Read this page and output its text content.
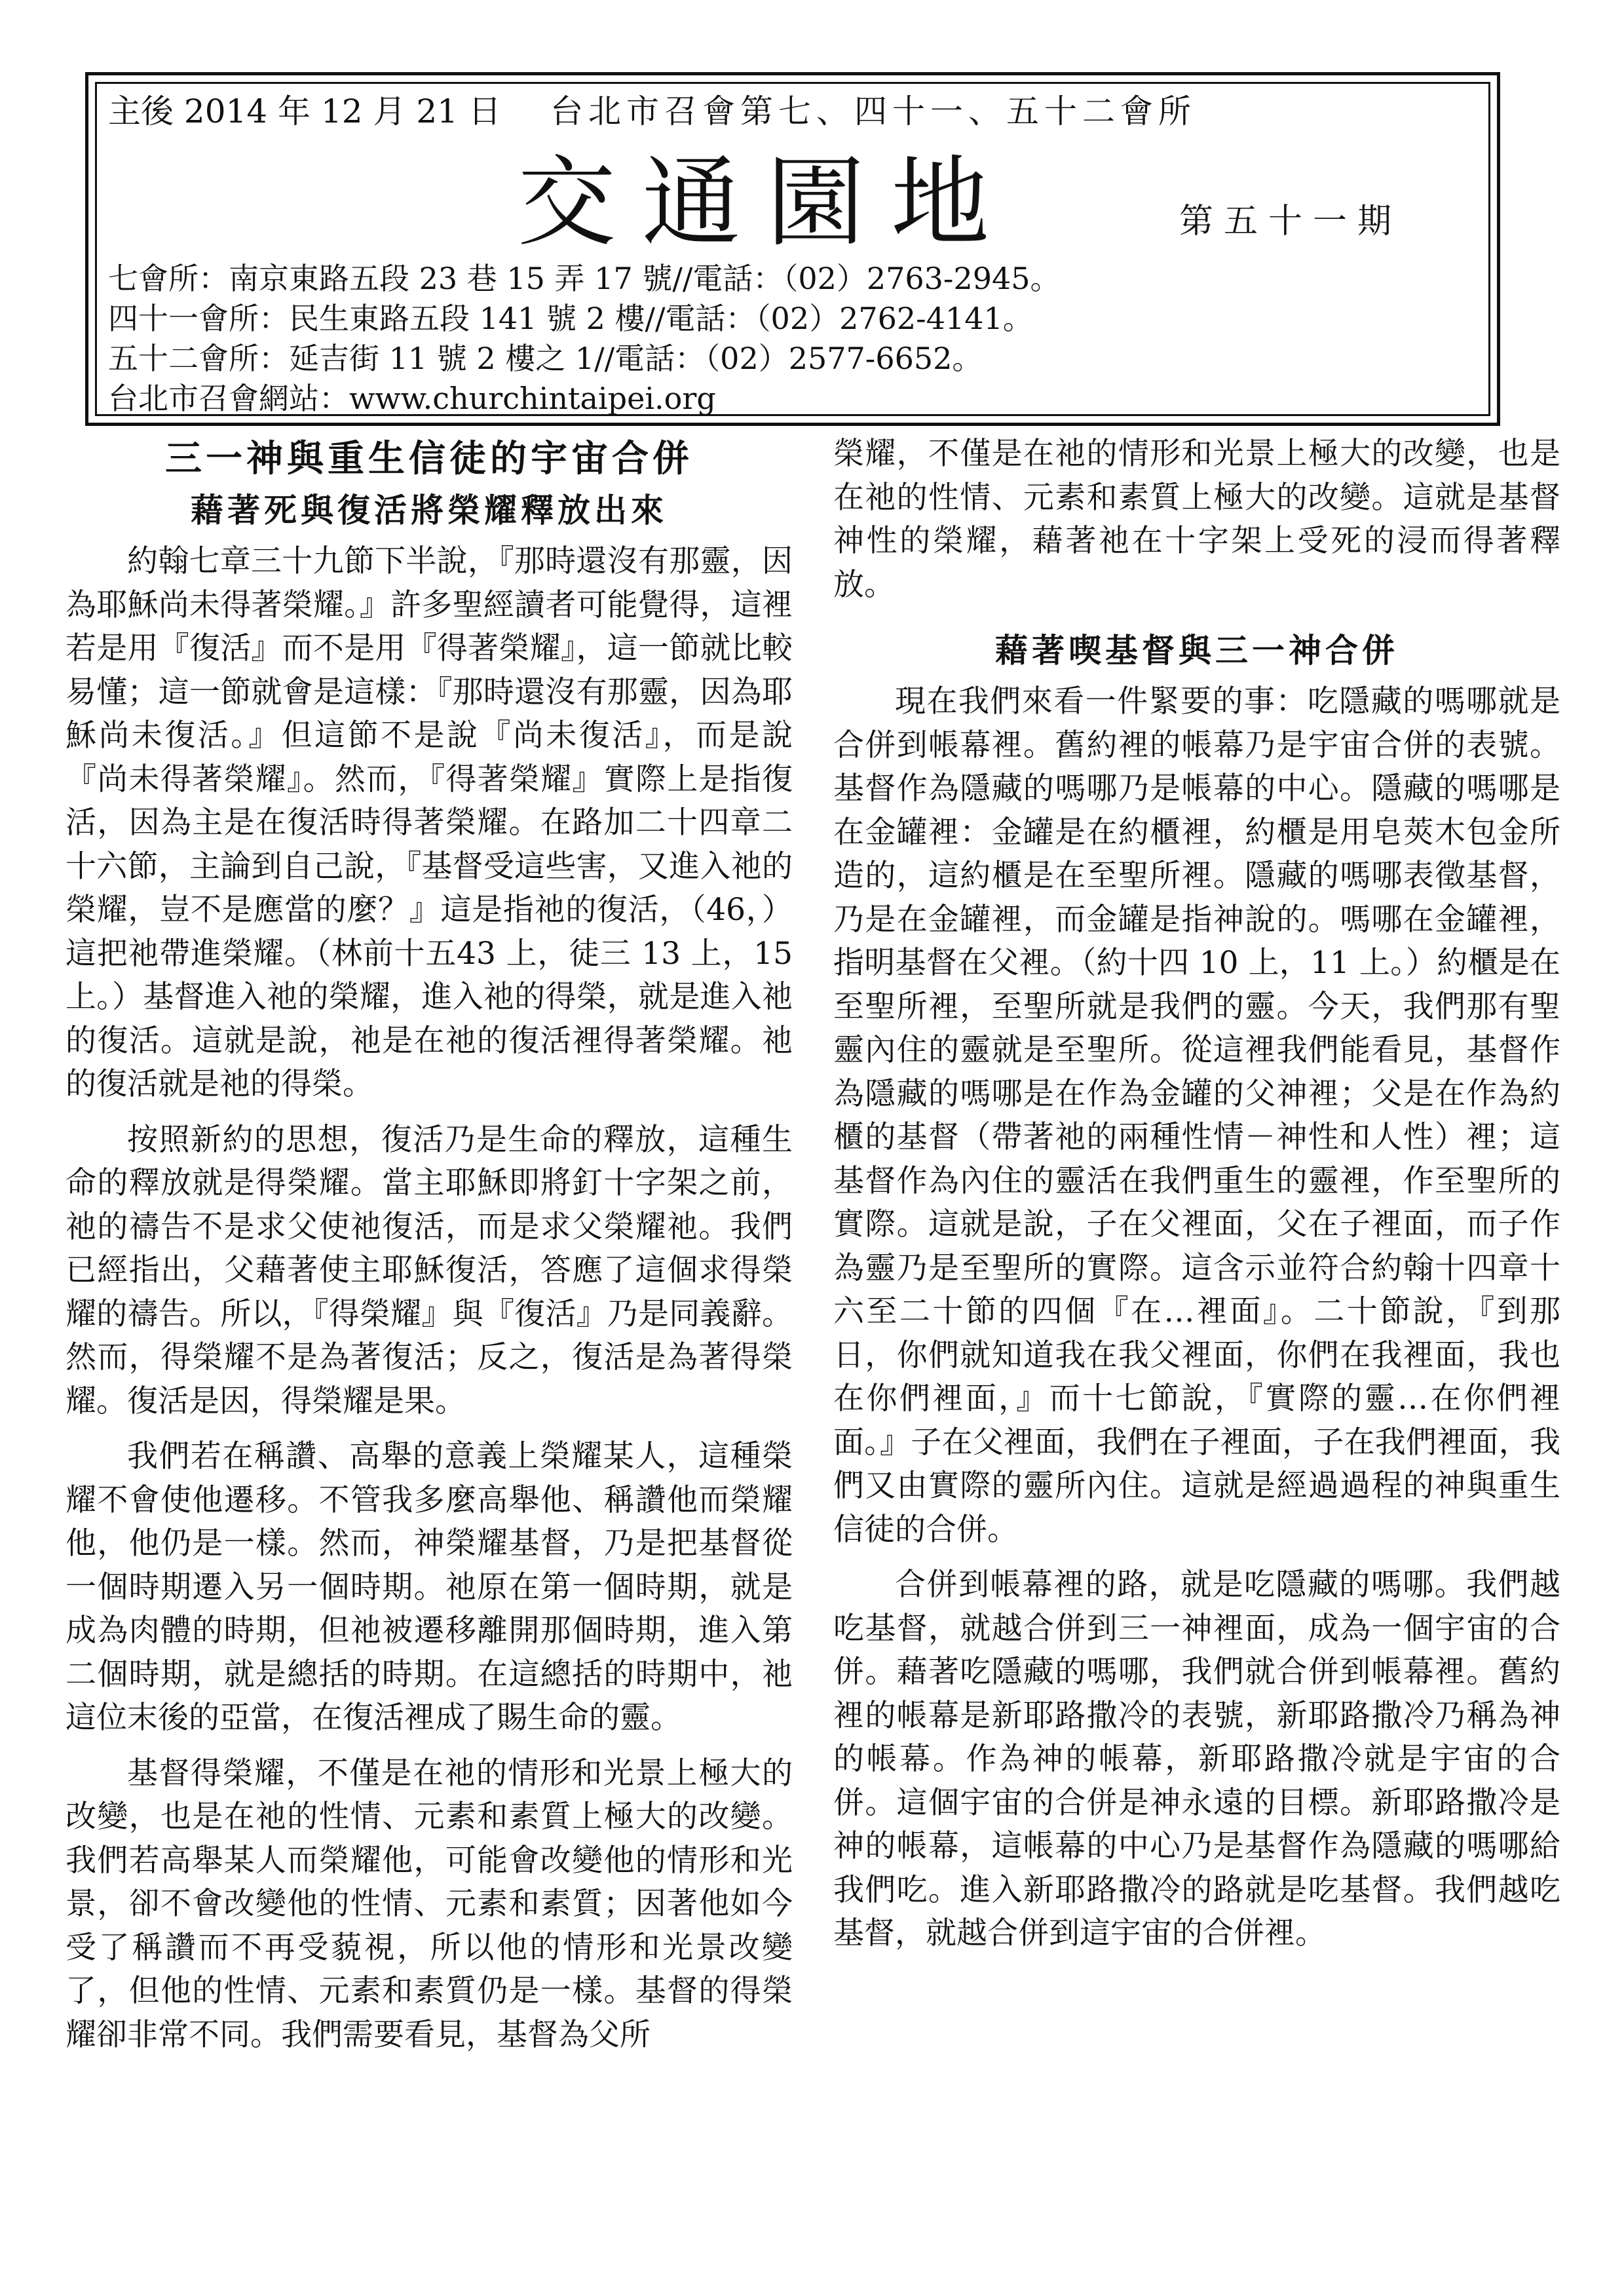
主後 2014 年 12 月 21 日 台北市召會第七、四十一、五十二會所
交通園地	第五十一期
七會所：南京東路五段 23 巷 15 弄 17 號//電話：（02）2763-2945。
四十一會所：民生東路五段 141 號 2 樓//電話：（02）2762-4141。
五十二會所：延吉街 11 號 2 樓之 1//電話：（02）2577-6652。
台北市召會網站：www.churchintaipei.org
三一神與重生信徒的宇宙合併
藉著死與復活將榮耀釋放出來

約翰七章三十九節下半說，『那時還沒有那靈，因為耶穌尚未得著榮耀。』許多聖經讀者可能覺得，這裡若是用『復活』而不是用『得著榮耀』，這一節就比較易懂；這一節就會是這樣：『那時還沒有那靈，因為耶穌尚未復活。』但這節不是說『尚未復活』，而是說『尚未得著榮耀』。然而，『得著榮耀』實際上是指復活，因為主是在復活時得著榮耀。在路加二十四章二十六節，主論到自己說，『基督受這些害，又進入祂的榮耀，豈不是應當的麼？』這是指祂的復活，（46，）這把祂帶進榮耀。（林前十五43 上，徒三 13 上，15 上。）基督進入祂的榮耀，進入祂的得榮，就是進入祂的復活。這就是說，祂是在祂的復活裡得著榮耀。祂的復活就是祂的得榮。

按照新約的思想，復活乃是生命的釋放，這種生命的釋放就是得榮耀。當主耶穌即將釘十字架之前，祂的禱告不是求父使祂復活，而是求父榮耀祂。我們已經指出，父藉著使主耶穌復活，答應了這個求得榮耀的禱告。所以，『得榮耀』與『復活』乃是同義辭。然而，得榮耀不是為著復活；反之，復活是為著得榮耀。復活是因，得榮耀是果。

我們若在稱讚、高舉的意義上榮耀某人，這種榮耀不會使他遷移。不管我多麼高舉他、稱讚他而榮耀他，他仍是一樣。然而，神榮耀基督，乃是把基督從一個時期遷入另一個時期。祂原在第一個時期，就是成為肉體的時期，但祂被遷移離開那個時期，進入第二個時期，就是總括的時期。在這總括的時期中，祂這位末後的亞當，在復活裡成了賜生命的靈。

基督得榮耀，不僅是在祂的情形和光景上極大的改變，也是在祂的性情、元素和素質上極大的改變。我們若高舉某人而榮耀他，可能會改變他的情形和光景，卻不會改變他的性情、元素和素質；因著他如今受了稱讚而不再受藐視，所以他的情形和光景改變了，但他的性情、元素和素質仍是一樣。基督的得榮耀卻非常不同。我們需要看見，基督為父所

榮耀，不僅是在祂的情形和光景上極大的改變，也是在祂的性情、元素和素質上極大的改變。這就是基督神性的榮耀，藉著祂在十字架上受死的浸而得著釋放。

藉著喫基督與三一神合併

現在我們來看一件緊要的事：吃隱藏的嗎哪就是合併到帳幕裡。舊約裡的帳幕乃是宇宙合併的表號。基督作為隱藏的嗎哪乃是帳幕的中心。隱藏的嗎哪是在金罐裡：金罐是在約櫃裡，約櫃是用皂莢木包金所造的，這約櫃是在至聖所裡。隱藏的嗎哪表徵基督，乃是在金罐裡，而金罐是指神說的。嗎哪在金罐裡，指明基督在父裡。（約十四 10 上，11 上。）約櫃是在至聖所裡，至聖所就是我們的靈。今天，我們那有聖靈內住的靈就是至聖所。從這裡我們能看見，基督作為隱藏的嗎哪是在作為金罐的父神裡；父是在作為約櫃的基督（帶著祂的兩種性情－神性和人性）裡；這基督作為內住的靈活在我們重生的靈裡，作至聖所的實際。這就是說，子在父裡面，父在子裡面，而子作為靈乃是至聖所的實際。這含示並符合約翰十四章十六至二十節的四個『在…裡面』。二十節說，『到那日，你們就知道我在我父裡面，你們在我裡面，我也在你們裡面，』而十七節說，『實際的靈…在你們裡面。』子在父裡面，我們在子裡面，子在我們裡面，我們又由實際的靈所內住。這就是經過過程的神與重生信徒的合併。

合併到帳幕裡的路，就是吃隱藏的嗎哪。我們越吃基督，就越合併到三一神裡面，成為一個宇宙的合併。藉著吃隱藏的嗎哪，我們就合併到帳幕裡。舊約裡的帳幕是新耶路撒冷的表號，新耶路撒冷乃稱為神的帳幕。作為神的帳幕，新耶路撒冷就是宇宙的合併。這個宇宙的合併是神永遠的目標。新耶路撒冷是神的帳幕，這帳幕的中心乃是基督作為隱藏的嗎哪給我們吃。進入新耶路撒冷的路就是吃基督。我們越吃基督，就越合併到這宇宙的合併裡。
